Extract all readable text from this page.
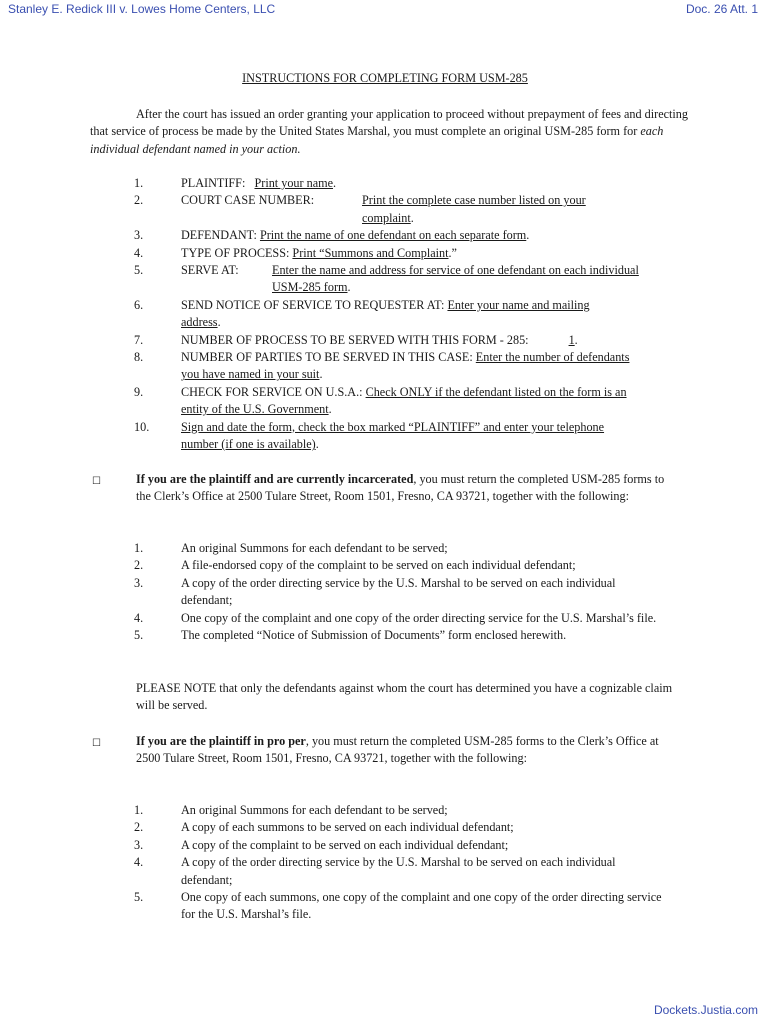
Stanley E. Redick III v. Lowes Home Centers, LLC	Doc. 26 Att. 1
INSTRUCTIONS FOR COMPLETING FORM USM-285
After the court has issued an order granting your application to proceed without prepayment of fees and directing that service of process be made by the United States Marshal, you must complete an original USM-285 form for each individual defendant named in your action.
1.	PLAINTIFF: Print your name.
2.	COURT CASE NUMBER:	Print the complete case number listed on your complaint.
3.	DEFENDANT: Print the name of one defendant on each separate form.
4.	TYPE OF PROCESS: Print “Summons and Complaint.”
5.	SERVE AT:	Enter the name and address for service of one defendant on each individual USM-285 form.
6.	SEND NOTICE OF SERVICE TO REQUESTER AT: Enter your name and mailing address.
7.	NUMBER OF PROCESS TO BE SERVED WITH THIS FORM - 285:	1.
8.	NUMBER OF PARTIES TO BE SERVED IN THIS CASE: Enter the number of defendants you have named in your suit.
9.	CHECK FOR SERVICE ON U.S.A.: Check ONLY if the defendant listed on the form is an entity of the U.S. Government.
10.	Sign and date the form, check the box marked “PLAINTIFF” and enter your telephone number (if one is available).
☐	If you are the plaintiff and are currently incarcerated, you must return the completed USM-285 forms to the Clerk’s Office at 2500 Tulare Street, Room 1501, Fresno, CA 93721, together with the following:
1.	An original Summons for each defendant to be served;
2.	A file-endorsed copy of the complaint to be served on each individual defendant;
3.	A copy of the order directing service by the U.S. Marshal to be served on each individual defendant;
4.	One copy of the complaint and one copy of the order directing service for the U.S. Marshal’s file.
5.	The completed “Notice of Submission of Documents” form enclosed herewith.
PLEASE NOTE that only the defendants against whom the court has determined you have a cognizable claim will be served.
☐	If you are the plaintiff in pro per, you must return the completed USM-285 forms to the Clerk’s Office at 2500 Tulare Street, Room 1501, Fresno, CA 93721, together with the following:
1.	An original Summons for each defendant to be served;
2.	A copy of each summons to be served on each individual defendant;
3.	A copy of the complaint to be served on each individual defendant;
4.	A copy of the order directing service by the U.S. Marshal to be served on each individual defendant;
5.	One copy of each summons, one copy of the complaint and one copy of the order directing service for the U.S. Marshal’s file.
Dockets.Justia.com
